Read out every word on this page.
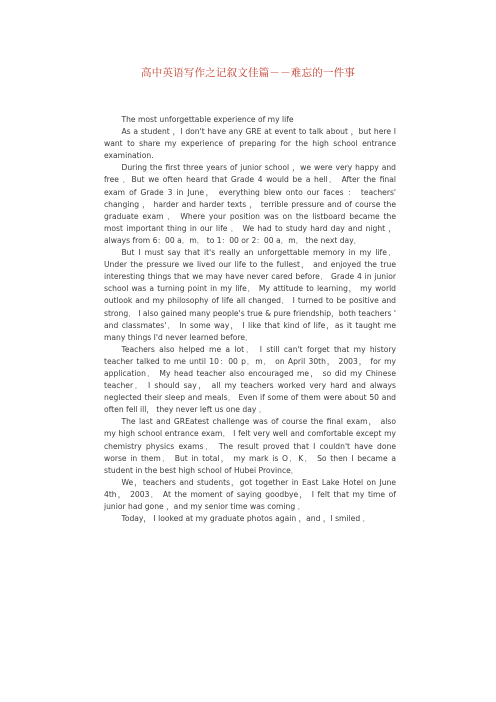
高中英语写作之记叙文佳篇－－难忘的一件事

The most unforgettable experience of my life

As a student ，I don't have any GRE at event to talk about ，but here I want to share my experience of preparing for the high school entrance examination.

During the first three years of junior school ，we were very happy and free ．But we often heard that Grade 4 would be a hell． After the final exam of Grade 3 in June， everything blew onto our faces ： teachers' changing ， harder and harder texts ， terrible pressure and of course the graduate exam ． Where your position was on the listboard became the most important thing in our life ． We had to study hard day and night ，always from 6：00 a．m． to 1：00 or 2：00 a．m． the next day．

But I must say that it's really an unforgettable memory in my life． Under the pressure we lived our life to the fullest， and enjoyed the true interesting things that we may have never cared before． Grade 4 in junior school was a turning point in my life． My attitude to learning， my world outlook and my philosophy of life all changed． I turned to be positive and strong． I also gained many people's true & pure friendship，both teachers ' and classmates'． In some way， I like that kind of life，as it taught me many things I'd never learned before．

Teachers also helped me a lot． I still can't forget that my history teacher talked to me until 10：00 p．m． on April 30th， 2003， for my application． My head teacher also encouraged me， so did my Chinese teacher． I should say， all my teachers worked very hard and always neglected their sleep and meals． Even if some of them were about 50 and often fell ill， they never left us one day ．

The last and GREatest challenge was of course the final exam， also my high school entrance exam． I felt very well and comfortable except my chemistry physics exams． The result proved that I couldn't have done worse in them． But in total， my mark is O．K． So then I became a student in the best high school of Hubei Province．

We，teachers and students，got together in East Lake Hotel on June 4th， 2003． At the moment of saying goodbye， I felt that my time of junior had gone ，and my senior time was coming ．

Today， I looked at my graduate photos again ，and ，I smiled ．
